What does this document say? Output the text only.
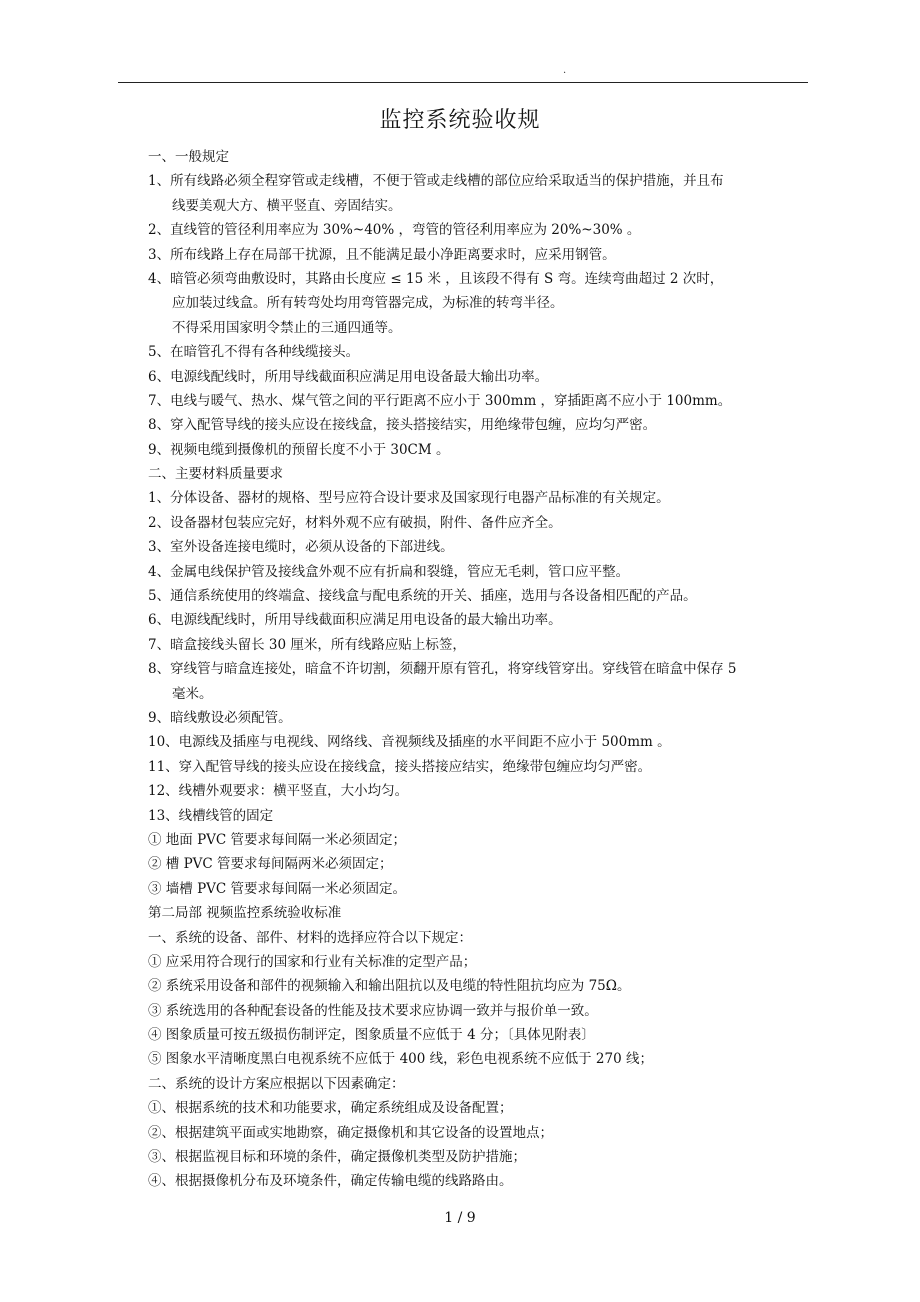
.
监控系统验收规
一、一般规定
1、所有线路必须全程穿管或走线槽，不便于管或走线槽的部位应给采取适当的保护措施，并且布
线要美观大方、横平竖直、旁固结实。
2、直线管的管径利用率应为 30%~40% ，弯管的管径利用率应为 20%~30% 。
3、所布线路上存在局部干扰源，且不能满足最小净距离要求时，应采用钢管。
4、暗管必须弯曲敷设时，其路由长度应 ≤ 15 米 ，且该段不得有 S 弯。连续弯曲超过 2 次时，
应加装过线盒。所有转弯处均用弯管器完成，为标准的转弯半径。
不得采用国家明令禁止的三通四通等。
5、在暗管孔不得有各种线缆接头。
6、电源线配线时，所用导线截面积应满足用电设备最大输出功率。
7、电线与暖气、热水、煤气管之间的平行距离不应小于 300mm ，穿插距离不应小于 100mm。
8、穿入配管导线的接头应设在接线盒，接头搭接结实，用绝缘带包缠，应均匀严密。
9、视频电缆到摄像机的预留长度不小于 30CM 。
二、主要材料质量要求
1、分体设备、器材的规格、型号应符合设计要求及国家现行电器产品标准的有关规定。
2、设备器材包装应完好，材料外观不应有破损，附件、备件应齐全。
3、室外设备连接电缆时，必须从设备的下部进线。
4、金属电线保护管及接线盒外观不应有折扁和裂缝，管应无毛刺，管口应平整。
5、通信系统使用的终端盒、接线盒与配电系统的开关、插座，选用与各设备相匹配的产品。
6、电源线配线时，所用导线截面积应满足用电设备的最大输出功率。
7、暗盒接线头留长 30 厘米，所有线路应贴上标签，
8、穿线管与暗盒连接处，暗盒不许切割，须翻开原有管孔，将穿线管穿出。穿线管在暗盒中保存 5
毫米。
9、暗线敷设必须配管。
10、电源线及插座与电视线、网络线、音视频线及插座的水平间距不应小于 500mm 。
11、穿入配管导线的接头应设在接线盒，接头搭接应结实，绝缘带包缠应均匀严密。
12、线槽外观要求：横平竖直，大小均匀。
13、线槽线管的固定
① 地面 PVC 管要求每间隔一米必须固定；
② 槽 PVC 管要求每间隔两米必须固定；
③ 墙槽 PVC 管要求每间隔一米必须固定。
第二局部 视频监控系统验收标准
一、系统的设备、部件、材料的选择应符合以下规定：
① 应采用符合现行的国家和行业有关标准的定型产品；
② 系统采用设备和部件的视频输入和输出阻抗以及电缆的特性阻抗均应为 75Ω。
③ 系统选用的各种配套设备的性能及技术要求应协调一致并与报价单一致。
④ 图象质量可按五级损伤制评定，图象质量不应低于 4 分；〔具体见附表〕
⑤ 图象水平清晰度黑白电视系统不应低于 400 线，彩色电视系统不应低于 270 线；
二、系统的设计方案应根据以下因素确定：
①、根据系统的技术和功能要求，确定系统组成及设备配置；
②、根据建筑平面或实地勘察，确定摄像机和其它设备的设置地点；
③、根据监视目标和环境的条件，确定摄像机类型及防护措施；
④、根据摄像机分布及环境条件，确定传输电缆的线路路由。
1 / 9
